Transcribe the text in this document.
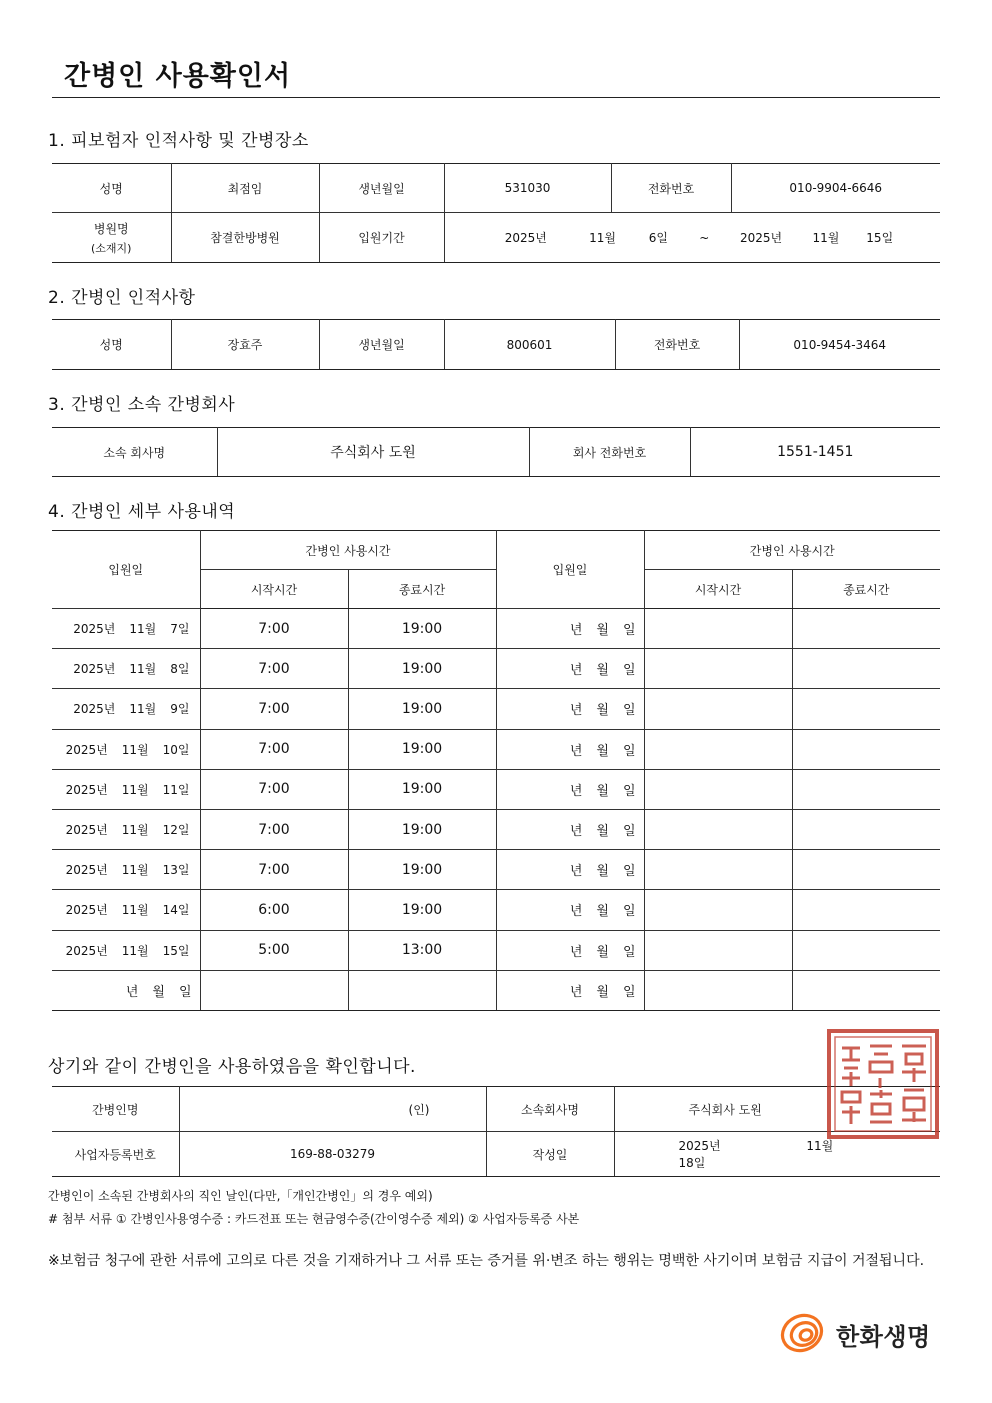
간병인 사용확인서
1. 피보험자 인적사항 및 간병장소
성명	최점임	생년월일	531030	전화번호	010-9904-6646

병원명
(소재지)	참결한방병원	입원기간	2025년 11월 6일 ~ 2025년 11월 15일		
2. 간병인 인적사항
성명	장효주	생년월일	800601	전화번호	010-9454-3464
3. 간병인 소속 간병회사
소속 회사명	주식회사 도원	회사 전화번호	1551-1451
4. 간병인 세부 사용내역
입원일	간병인 사용시간		입원일	간병인 사용시간	
	시작시간	종료시간		시작시간	종료시간
2025년 11월 7일	7:00	19:00	년 월 일		
2025년 11월 8일	7:00	19:00	년 월 일		
2025년 11월 9일	7:00	19:00	년 월 일		
2025년 11월 10일	7:00	19:00	년 월 일		
2025년 11월 11일	7:00	19:00	년 월 일		
2025년 11월 12일	7:00	19:00	년 월 일		
2025년 11월 13일	7:00	19:00	년 월 일		
2025년 11월 14일	6:00	19:00	년 월 일		
2025년 11월 15일	5:00	13:00	년 월 일		
년 월 일			년 월 일		
상기와 같이 간병인을 사용하였음을 확인합니다.
간병인명	(인)	소속회사명	주식회사 도원
사업자등록번호	169-88-03279	작성일	2025년 11월 18일
주식회사도원
간병인이 소속된 간병회사의 직인 날인(다만,「개인간병인」의 경우 예외)
# 첨부 서류 ① 간병인사용영수증 : 카드전표 또는 현금영수증(간이영수증 제외) ② 사업자등록증 사본
※보험금 청구에 관한 서류에 고의로 다른 것을 기재하거나 그 서류 또는 증거를 위·변조 하는 행위는 명백한 사기이며 보험금 지급이 거절됩니다.
한화생명
